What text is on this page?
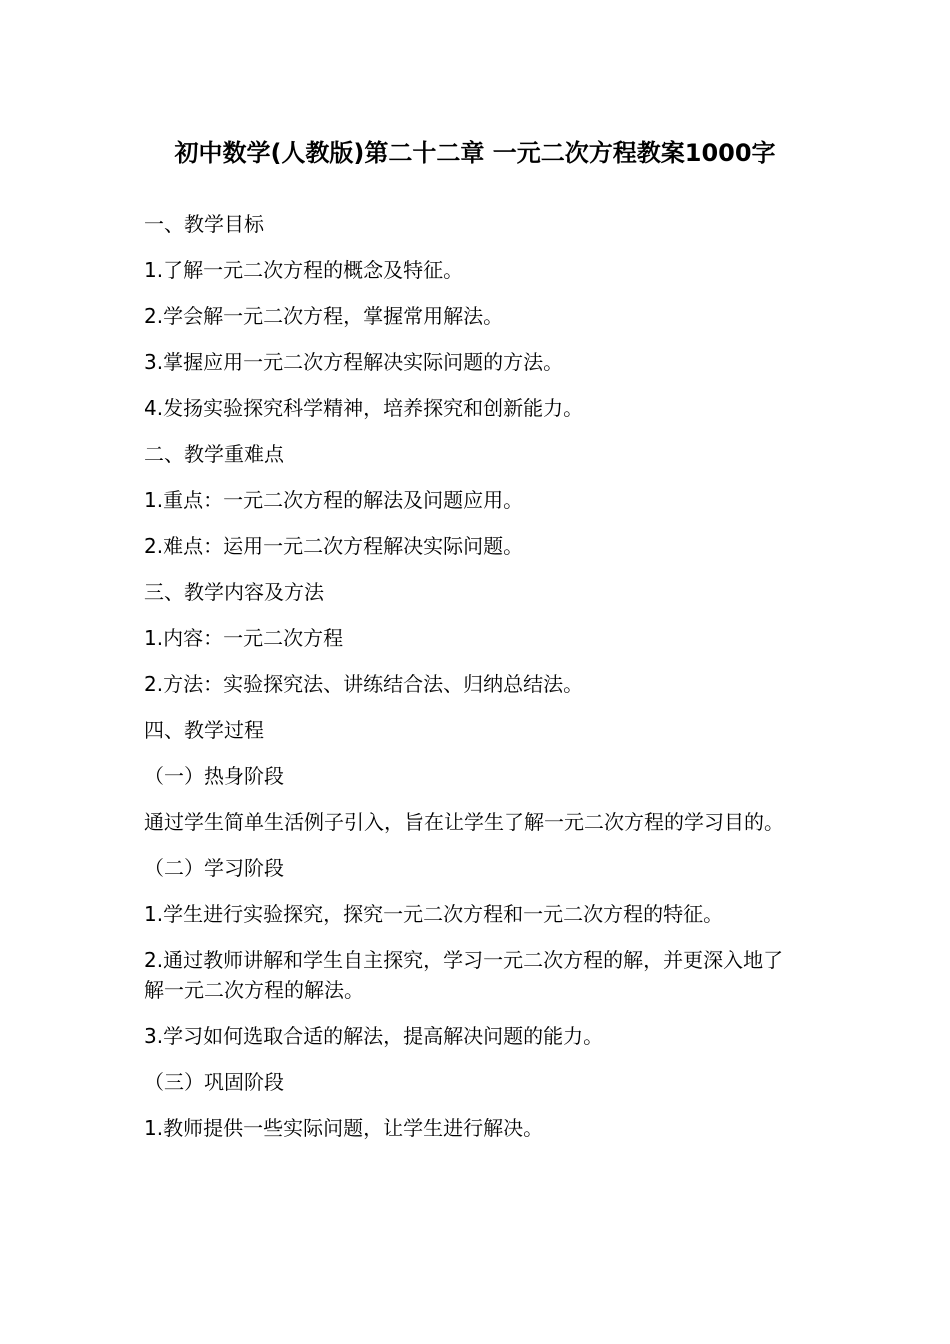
初中数学(人教版)第二十二章 一元二次方程教案1000字

一、教学目标

1.了解一元二次方程的概念及特征。

2.学会解一元二次方程，掌握常用解法。

3.掌握应用一元二次方程解决实际问题的方法。

4.发扬实验探究科学精神，培养探究和创新能力。

二、教学重难点

1.重点：一元二次方程的解法及问题应用。

2.难点：运用一元二次方程解决实际问题。

三、教学内容及方法

1.内容：一元二次方程

2.方法：实验探究法、讲练结合法、归纳总结法。

四、教学过程

（一）热身阶段

通过学生简单生活例子引入，旨在让学生了解一元二次方程的学习目的。

（二）学习阶段

1.学生进行实验探究，探究一元二次方程和一元二次方程的特征。

2.通过教师讲解和学生自主探究，学习一元二次方程的解，并更深入地了解一元二次方程的解法。

3.学习如何选取合适的解法，提高解决问题的能力。

（三）巩固阶段

1.教师提供一些实际问题，让学生进行解决。
